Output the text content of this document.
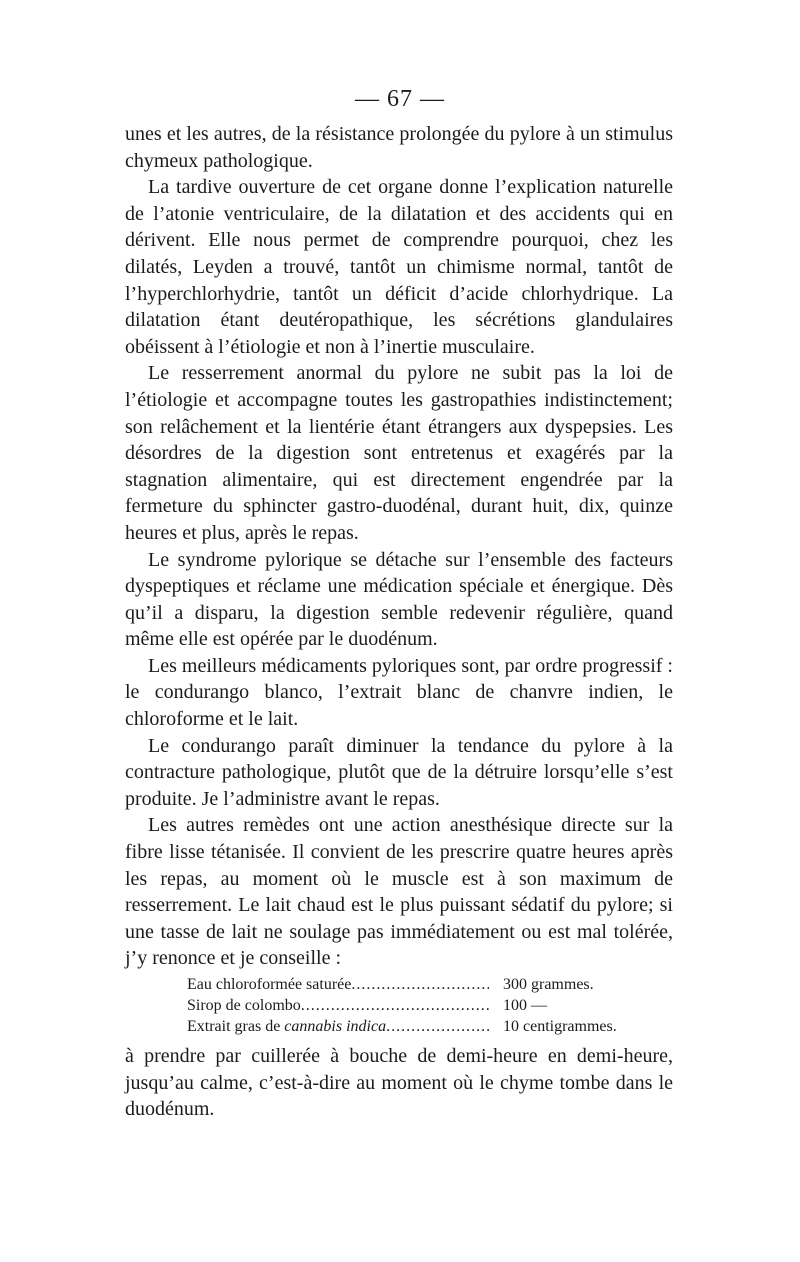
— 67 —

unes et les autres, de la résistance prolongée du pylore à un stimulus chymeux pathologique.

La tardive ouverture de cet organe donne l’explication naturelle de l’atonie ventriculaire, de la dilatation et des accidents qui en dérivent. Elle nous permet de comprendre pourquoi, chez les dilatés, Leyden a trouvé, tantôt un chimisme normal, tantôt de l’hyperchlorhydrie, tantôt un déficit d’acide chlorhydrique. La dilatation étant deutéropathique, les sécrétions glandulaires obéissent à l’étiologie et non à l’inertie musculaire.

Le resserrement anormal du pylore ne subit pas la loi de l’étiologie et accompagne toutes les gastropathies indistinctement; son relâchement et la lientérie étant étrangers aux dyspepsies. Les désordres de la digestion sont entretenus et exagérés par la stagnation alimentaire, qui est directement engendrée par la fermeture du sphincter gastro-duodénal, durant huit, dix, quinze heures et plus, après le repas.

Le syndrome pylorique se détache sur l’ensemble des facteurs dyspeptiques et réclame une médication spéciale et énergique. Dès qu’il a disparu, la digestion semble redevenir régulière, quand même elle est opérée par le duodénum.

Les meilleurs médicaments pyloriques sont, par ordre progressif : le condurango blanco, l’extrait blanc de chanvre indien, le chloroforme et le lait.

Le condurango paraît diminuer la tendance du pylore à la contracture pathologique, plutôt que de la détruire lorsqu’elle s’est produite. Je l’administre avant le repas.

Les autres remèdes ont une action anesthésique directe sur la fibre lisse tétanisée. Il convient de les prescrire quatre heures après les repas, au moment où le muscle est à son maximum de resserrement. Le lait chaud est le plus puissant sédatif du pylore; si une tasse de lait ne soulage pas immédiatement ou est mal tolérée, j’y renonce et je conseille :

Eau chloroformée saturée .....	300 grammes.
Sirop de colombo .....	100 —
Extrait gras de cannabis indica .....	10 centigrammes.

à prendre par cuillerée à bouche de demi-heure en demi-heure, jusqu’au calme, c’est-à-dire au moment où le chyme tombe dans le duodénum.
